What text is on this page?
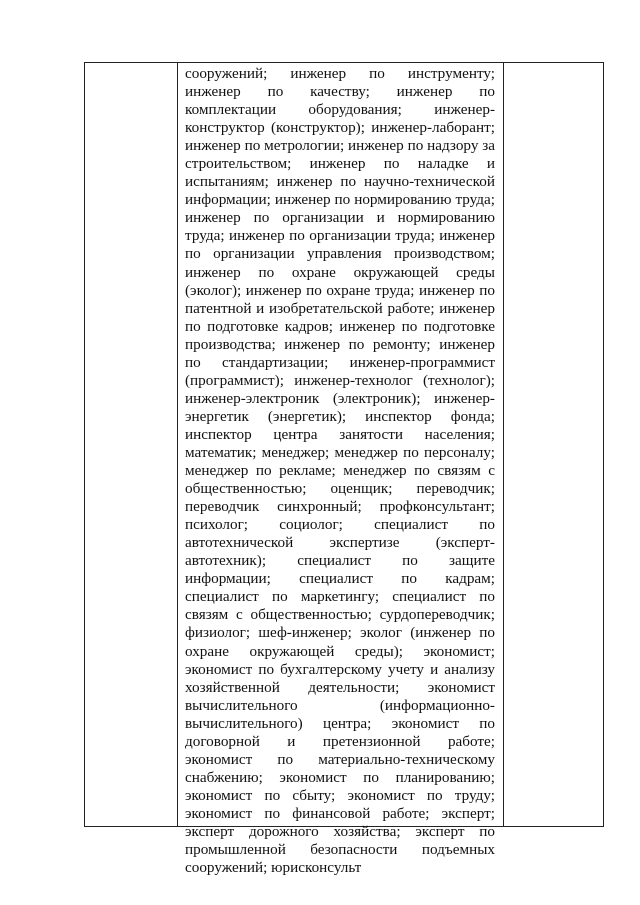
сооружений; инженер по инструменту; инженер по качеству; инженер по комплектации оборудования; инженер-конструктор (конструктор); инженер-лаборант; инженер по метрологии; инженер по надзору за строительством; инженер по наладке и испытаниям; инженер по научно-технической информации; инженер по нормированию труда; инженер по организации и нормированию труда; инженер по организации труда; инженер по организации управления производством; инженер по охране окружающей среды (эколог); инженер по охране труда; инженер по патентной и изобретательской работе; инженер по подготовке кадров; инженер по подготовке производства; инженер по ремонту; инженер по стандартизации; инженер-программист (программист); инженер-технолог (технолог); инженер-электроник (электроник); инженер-энергетик (энергетик); инспектор фонда; инспектор центра занятости населения; математик; менеджер; менеджер по персоналу; менеджер по рекламе; менеджер по связям с общественностью; оценщик; переводчик; переводчик синхронный; профконсультант; психолог; социолог; специалист по автотехнической экспертизе (эксперт-автотехник); специалист по защите информации; специалист по кадрам; специалист по маркетингу; специалист по связям с общественностью; сурдопереводчик; физиолог; шеф-инженер; эколог (инженер по охране окружающей среды); экономист; экономист по бухгалтерскому учету и анализу хозяйственной деятельности; экономист вычислительного (информационно-вычислительного) центра; экономист по договорной и претензионной работе; экономист по материально-техническому снабжению; экономист по планированию; экономист по сбыту; экономист по труду; экономист по финансовой работе; эксперт; эксперт дорожного хозяйства; эксперт по промышленной безопасности подъемных сооружений; юрисконсульт
